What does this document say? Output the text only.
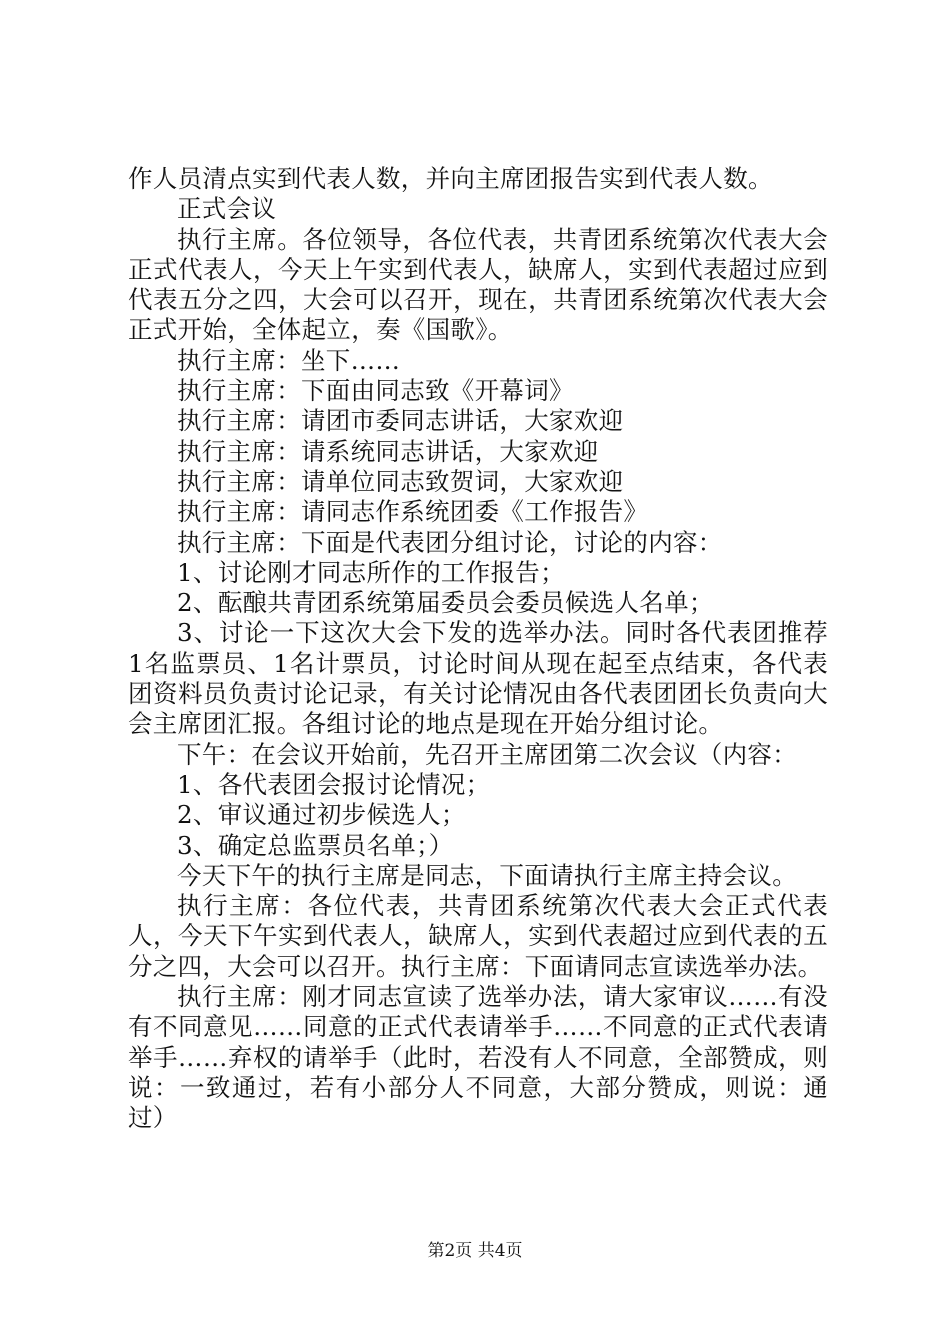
作人员清点实到代表人数，并向主席团报告实到代表人数。

正式会议

执行主席。各位领导，各位代表，共青团系统第次代表大会正式代表人，今天上午实到代表人，缺席人，实到代表超过应到代表五分之四，大会可以召开，现在，共青团系统第次代表大会正式开始，全体起立，奏《国歌》。

执行主席：坐下……

执行主席：下面由同志致《开幕词》

执行主席：请团市委同志讲话，大家欢迎

执行主席：请系统同志讲话，大家欢迎

执行主席：请单位同志致贺词，大家欢迎

执行主席：请同志作系统团委《工作报告》

执行主席：下面是代表团分组讨论，讨论的内容：

1、讨论刚才同志所作的工作报告；

2、酝酿共青团系统第届委员会委员候选人名单；

3、讨论一下这次大会下发的选举办法。同时各代表团推荐1名监票员、1名计票员，讨论时间从现在起至点结束，各代表团资料员负责讨论记录，有关讨论情况由各代表团团长负责向大会主席团汇报。各组讨论的地点是现在开始分组讨论。

下午：在会议开始前，先召开主席团第二次会议（内容：

1、各代表团会报讨论情况；

2、审议通过初步候选人；

3、确定总监票员名单；）

今天下午的执行主席是同志，下面请执行主席主持会议。

执行主席：各位代表，共青团系统第次代表大会正式代表人，今天下午实到代表人，缺席人，实到代表超过应到代表的五分之四，大会可以召开。执行主席：下面请同志宣读选举办法。

执行主席：刚才同志宣读了选举办法，请大家审议……有没有不同意见……同意的正式代表请举手……不同意的正式代表请举手……弃权的请举手（此时，若没有人不同意，全部赞成，则说：一致通过，若有小部分人不同意，大部分赞成，则说：通过）

第2页 共4页
